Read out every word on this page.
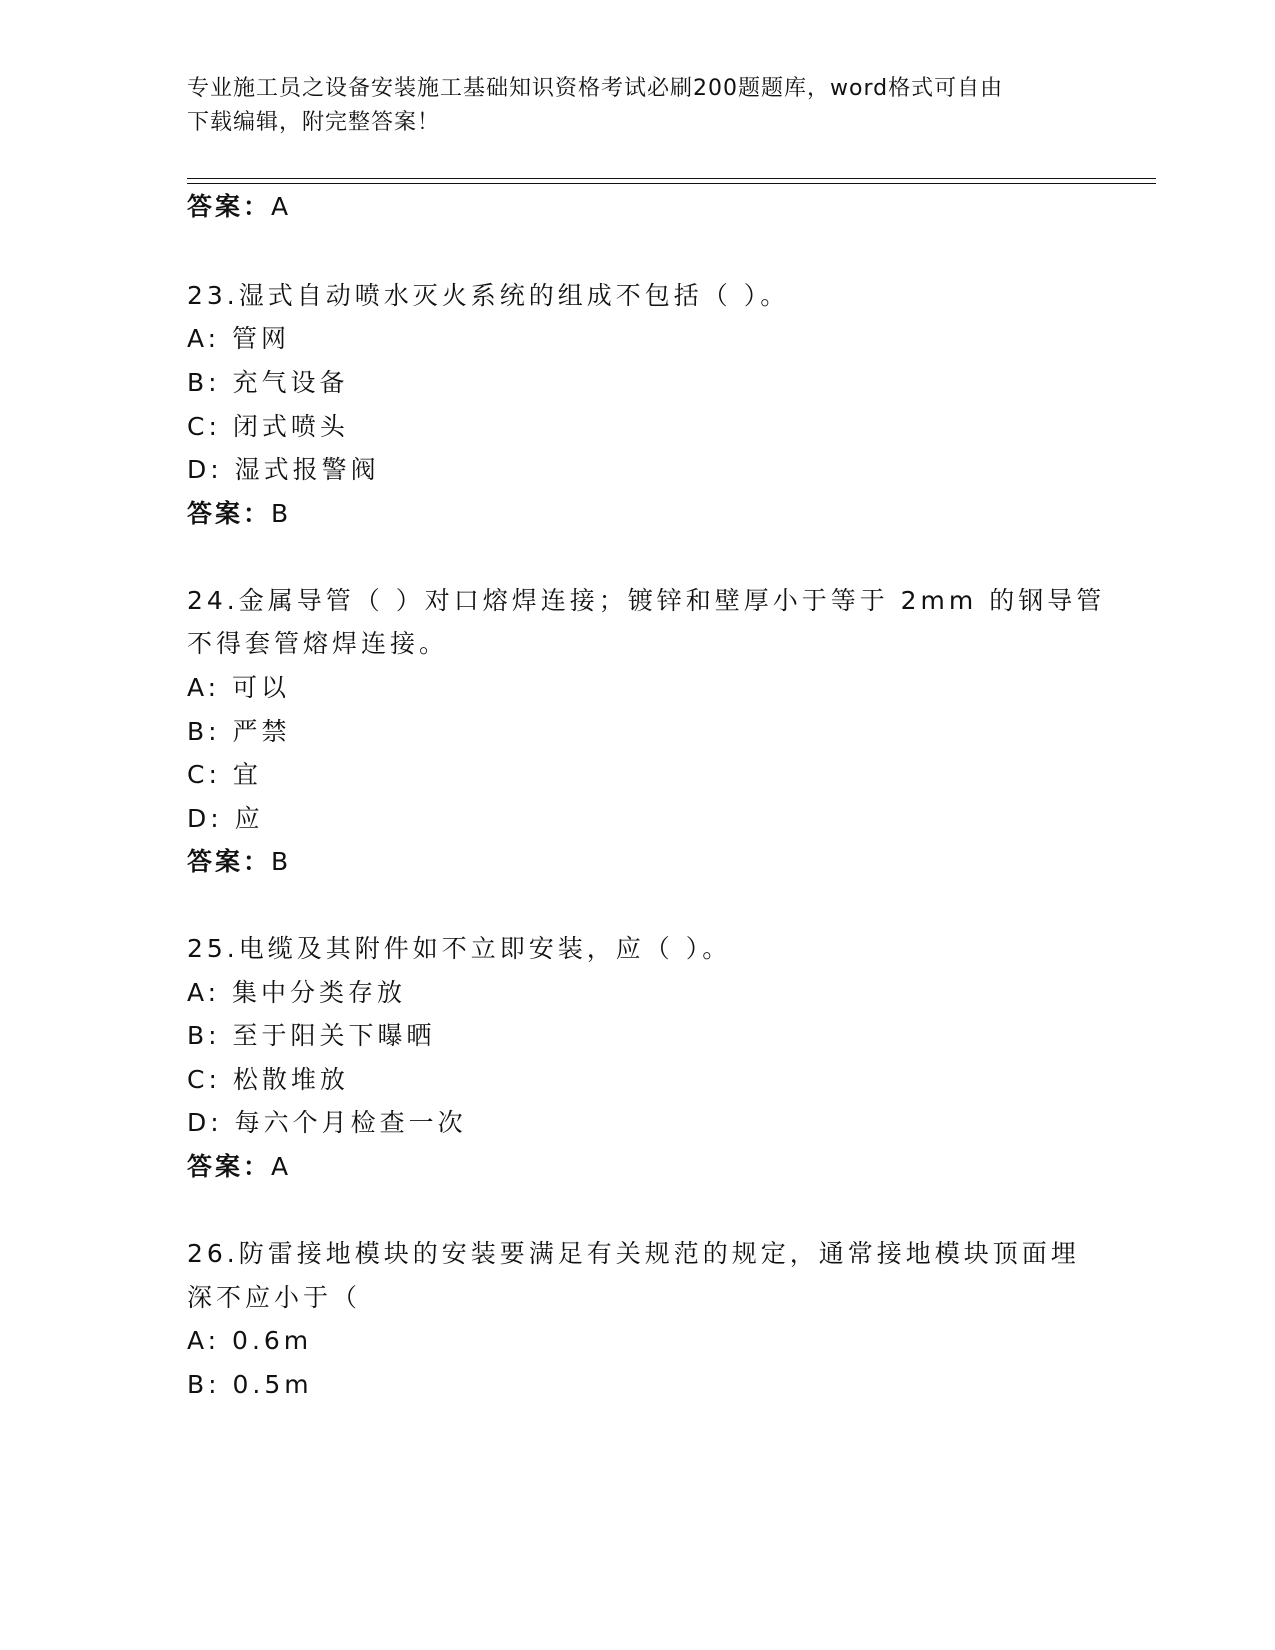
专业施工员之设备安装施工基础知识资格考试必刷200题题库，word格式可自由
下载编辑，附完整答案！
答案：A
23.湿式自动喷水灭火系统的组成不包括（ ）。
A: 管网
B: 充气设备
C: 闭式喷头
D: 湿式报警阀
答案：B
24.金属导管（ ）对口熔焊连接；镀锌和壁厚小于等于 2mm 的钢导管
不得套管熔焊连接。
A: 可以
B: 严禁
C: 宜
D: 应
答案：B
25.电缆及其附件如不立即安装，应（ ）。
A: 集中分类存放
B: 至于阳关下曝晒
C: 松散堆放
D: 每六个月检查一次
答案：A
26.防雷接地模块的安装要满足有关规范的规定，通常接地模块顶面埋
深不应小于（
A: 0.6m
B: 0.5m
